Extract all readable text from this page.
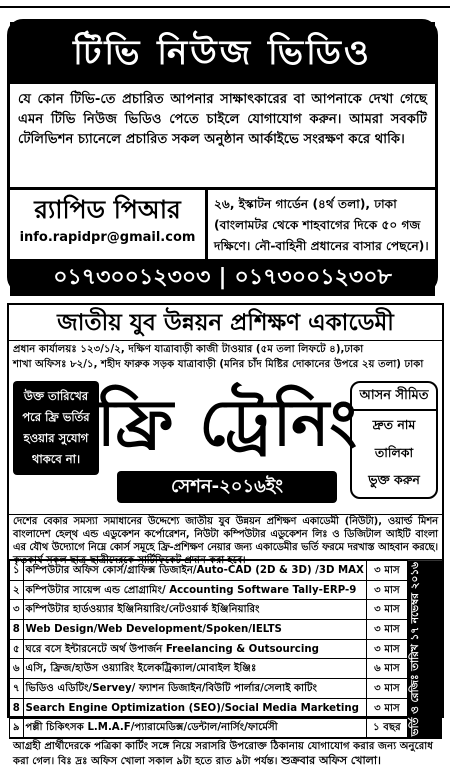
টিভি নিউজ ভিডিও
যে কোন টিভি-তে প্রচারিত আপনার সাক্ষাৎকারের বা আপনাকে দেখা গেছে এমন টিভি নিউজ ভিডিও পেতে চাইলে যোগাযোগ করুন। আমরা সবকটি টেলিভিশন চ্যানেলে প্রচারিত সকল অনুষ্ঠান আর্কাইভে সংরক্ষণ করে থাকি।
র‍্যাপিড পিআর
info.rapidpr@gmail.com
২৬, ইস্কাটন গার্ডেন (৪র্থ তলা), ঢাকা (বাংলামটর থেকে শাহবাগের দিকে ৫০ গজ দক্ষিণে। নৌ-বাহিনী প্রধানের বাসার পেছনে)।
০১৭৩০০১২৩০৩ | ০১৭৩০০১২৩০৮
জাতীয় যুব উন্নয়ন প্রশিক্ষণ একাডেমী
প্রধান কার্যালয়ঃ ১২৩/১/২, দক্ষিণ যাত্রাবাড়ী কাজী টাওয়ার (৫ম তলা লিফটে ৪),ঢাকা
শাখা অফিসঃ ৮২/১, শহীদ ফারুক সড়ক যাত্রাবাড়ী (মনির চাঁদ মিষ্টির দোকানের উপরে ২য় তলা) ঢাকা
উক্ত তারিখের পরে ফ্রি ভর্তির হওয়ার সুযোগ থাকবে না। ফ্রি ট্রেনিং
সেশন-২০১৬ইং
আসন সীমিত
দ্রুত নাম তালিকা
ভুক্ত করুন
দেশের বেকার সমস্যা সমাধানের উদ্দেশ্যে জাতীয় যুব উন্নয়ন প্রশিক্ষণ একাডেমী (নিউটা), ওয়ার্ল্ড মিশন বাংলাদেশ হেল্থ এন্ড এডুকেশন কর্পোরেশন, নিউটা কম্পিউটার এডুকেশন লিঃ ও ডিজিটাল আইটি বাংলা এর যৌথ উদ্যোগে নিম্নে কোর্স সমূহে ফ্রি-প্রশিক্ষণ নেয়ার জন্য একাডেমীর ভর্তি ফরমে দরখাস্ত আহবান করছে। কৃতকার্য সকল ছাত্র-ছাত্রীদেরকে সার্টিফিকেট প্রদান করা হবে।
১	কম্পিউটার অফিস কোর্স/গ্রাফিক্স ডিজাইন/Auto-CAD (2D & 3D) /3D MAX	৩ মাস
২	কম্পিউটার সায়েন্স এন্ড প্রোগ্রামিং/ Accounting Software Tally-ERP-9	৩ মাস
৩	কম্পিউটার হার্ডওয়্যার ইঞ্জিনিয়ারিং/নেটওয়ার্ক ইঞ্জিনিয়ারিং	৩ মাস
8	Web Design/Web Development/Spoken/IELTS	৩ মাস
৫	ঘরে বসে ইন্টারনেটে অর্থ উপার্জন Freelancing & Outsourcing	৩ মাস
৬	এসি, ফ্রিজ/হাউস ওয়্যারিং ইলেকট্রিক্যাল/মোবাইল ইঞ্জিঃ	৬ মাস
৭	ভিডিও এডিটিং/Servey/ ফ্যাশন ডিজাইন/বিউটি পার্লার/সেলাই কাটিং	৩ মাস
8	Search Engine Optimization (SEO)/Social Media Marketing	৩ মাস
৯	পল্লী চিকিৎসক L.M.A.F/প্যারামেডিক্স/ডেন্টাল/নার্সিং/ফার্মেসী	১ বছর ভর্তি ও রেজিঃ তারিখ ১৭ নভেম্বর ২০১৬
আগ্রহী প্রার্থীদেরকে পত্রিকা কার্টিং সঙ্গে নিয়ে সরাসরি উপরোক্ত ঠিকানায় যোগাযোগ করার জন্য অনুরোধ করা গেল। বিঃ দ্রঃ অফিস খোলা সকাল ৯টা হতে রাত ৯টা পর্যন্ত। শুক্রবার অফিস খোলা।
